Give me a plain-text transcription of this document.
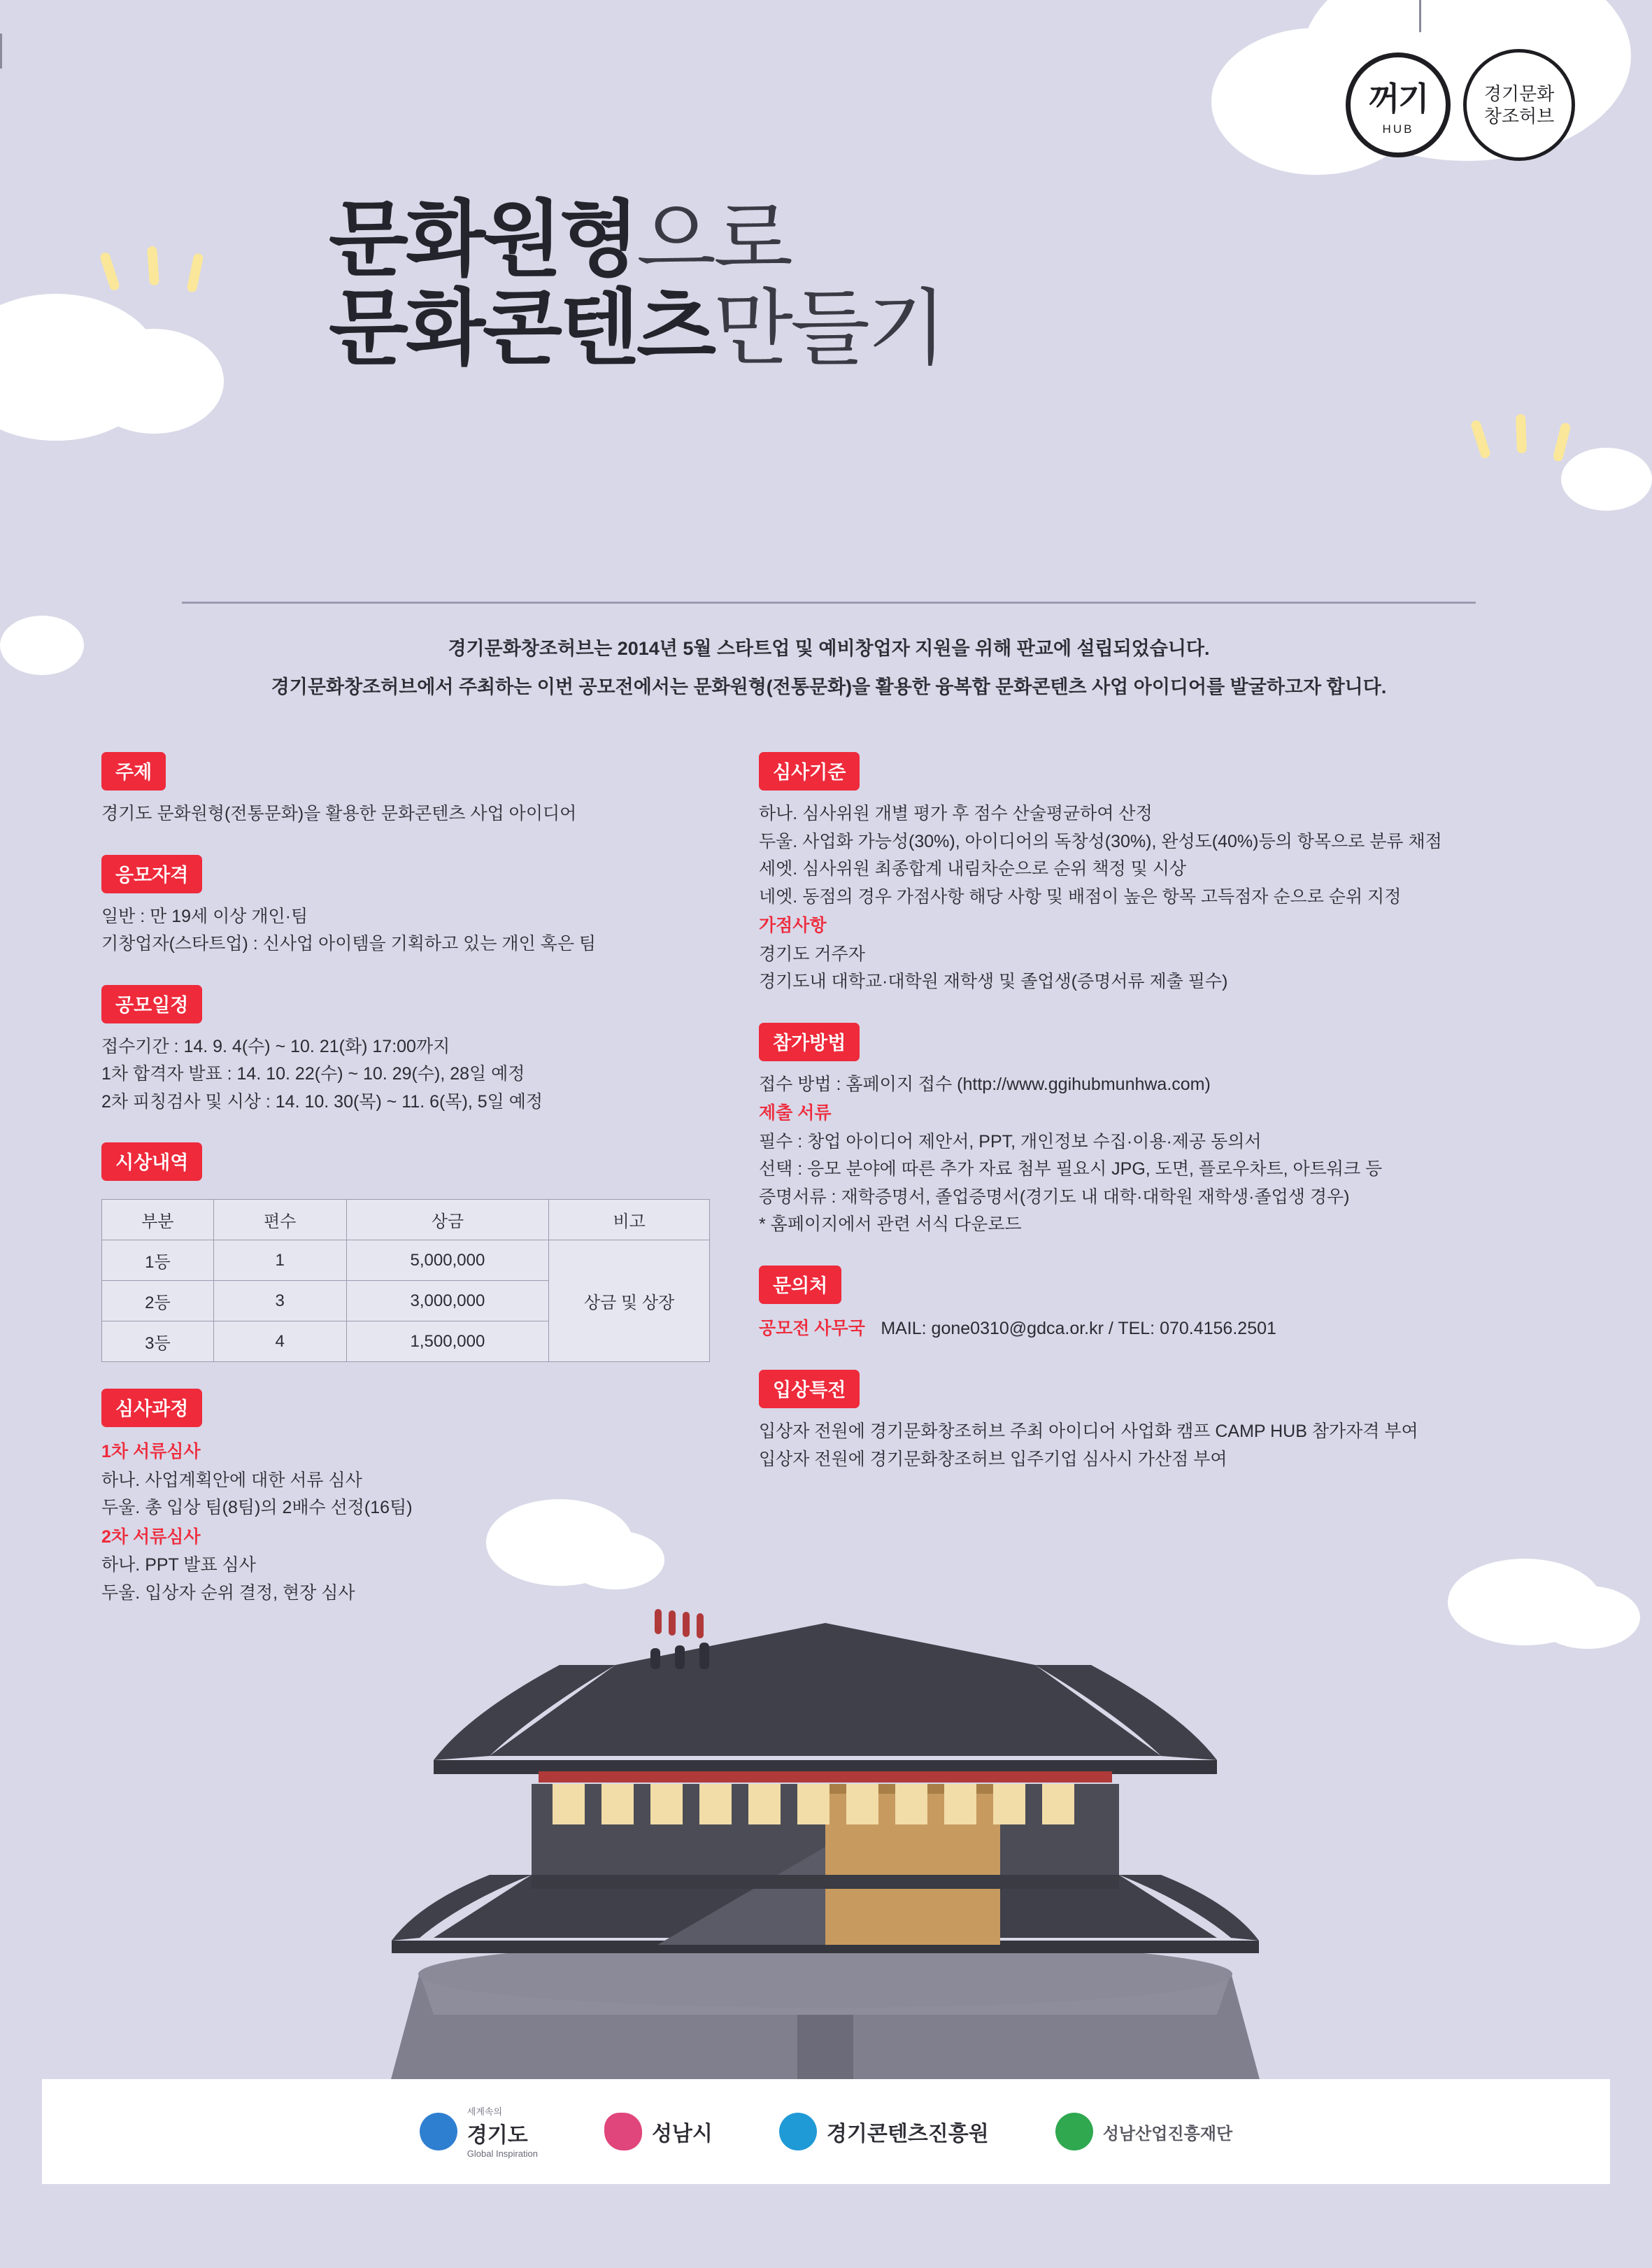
꺼기
HUB
경기문화
창조허브
문화원형으로
문화콘텐츠만들기

경기문화창조허브는 2014년 5월 스타트업 및 예비창업자 지원을 위해 판교에 설립되었습니다.

경기문화창조허브에서 주최하는 이번 공모전에서는 문화원형(전통문화)을 활용한 융복합 문화콘텐츠 사업 아이디어를 발굴하고자 합니다.

주제
경기도 문화원형(전통문화)을 활용한 문화콘텐츠 사업 아이디어
응모자격
일반 : 만 19세 이상 개인·팀
기창업자(스타트업) : 신사업 아이템을 기획하고 있는 개인 혹은 팀
공모일정
접수기간 : 14. 9. 4(수) ~ 10. 21(화) 17:00까지
1차 합격자 발표 : 14. 10. 22(수) ~ 10. 29(수), 28일 예정
2차 피칭검사 및 시상 : 14. 10. 30(목) ~ 11. 6(목), 5일 예정
시상내역
부분	편수	상금	비고
1등	1	5,000,000	상금 및 상장
2등	3	3,000,000	
3등	4	1,500,000	
심사과정
1차 서류심사
하나. 사업계획안에 대한 서류 심사
두울. 총 입상 팀(8팀)의 2배수 선정(16팀)
2차 서류심사
하나. PPT 발표 심사
두울. 입상자 순위 결정, 현장 심사
심사기준
하나. 심사위원 개별 평가 후 점수 산술평균하여 산정
두울. 사업화 가능성(30%), 아이디어의 독창성(30%), 완성도(40%)등의 항목으로 분류 채점
세엣. 심사위원 최종합계 내림차순으로 순위 책정 및 시상
네엣. 동점의 경우 가점사항 해당 사항 및 배점이 높은 항목 고득점자 순으로 순위 지정
가점사항
경기도 거주자
경기도내 대학교·대학원 재학생 및 졸업생(증명서류 제출 필수)
참가방법
접수 방법 : 홈페이지 접수 (http://www.ggihubmunhwa.com)
제출 서류
필수 : 창업 아이디어 제안서, PPT, 개인정보 수집·이용·제공 동의서
선택 : 응모 분야에 따른 추가 자료 첨부 필요시 JPG, 도면, 플로우차트, 아트워크 등
증명서류 : 재학증명서, 졸업증명서(경기도 내 대학·대학원 재학생·졸업생 경우)
* 홈페이지에서 관련 서식 다운로드
문의처
공모전 사무국 MAIL: gone0310@gdca.or.kr / TEL: 070.4156.2501
입상특전
입상자 전원에 경기문화창조허브 주최 아이디어 사업화 캠프 CAMP HUB 참가자격 부여
입상자 전원에 경기문화창조허브 입주기업 심사시 가산점 부여
세계속의
경기도
Global Inspiration
성남시	경기콘텐츠진흥원	성남산업진흥재단
